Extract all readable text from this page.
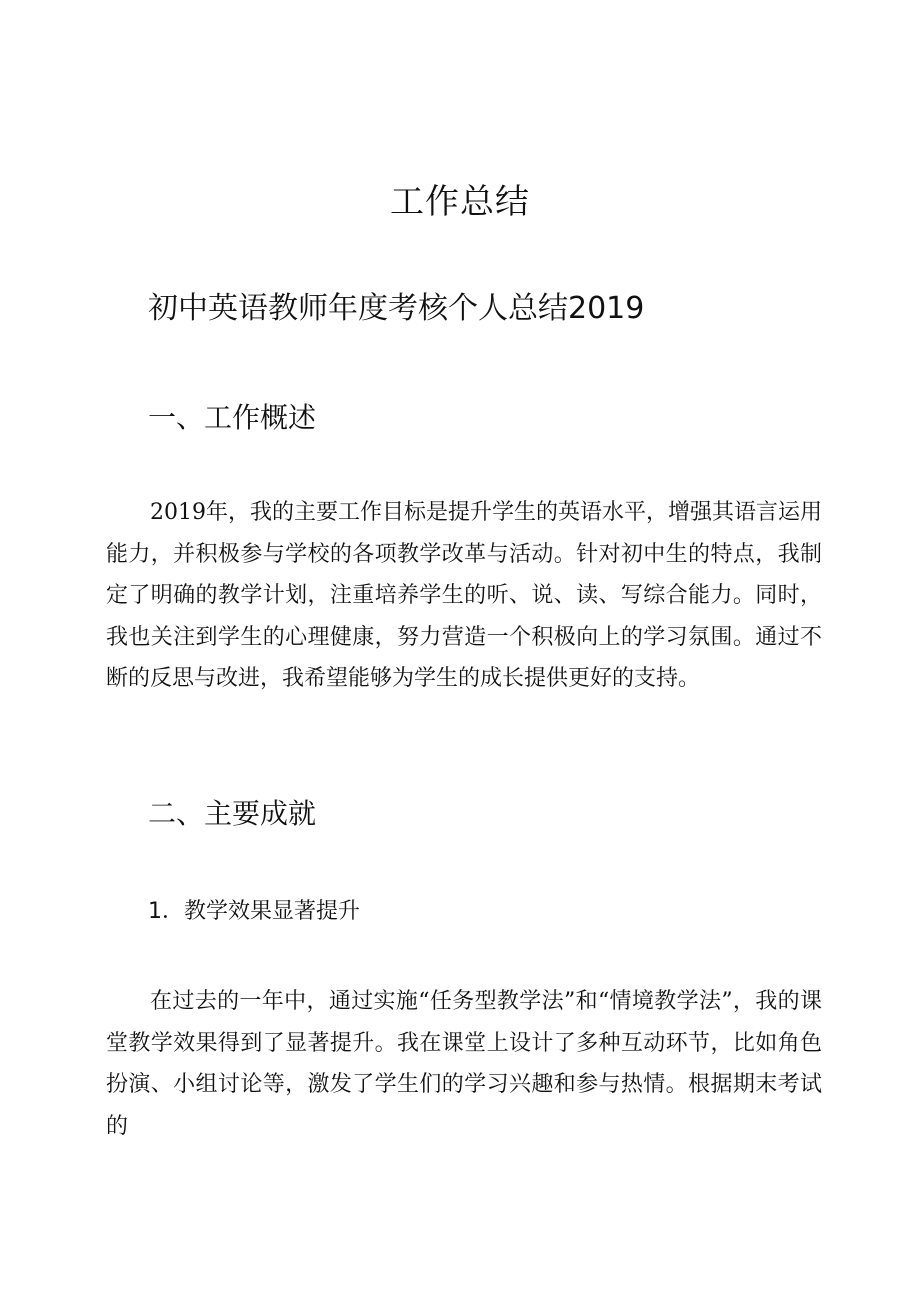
工作总结
初中英语教师年度考核个人总结2019
一、工作概述

2019年，我的主要工作目标是提升学生的英语水平，增强其语言运用能力，并积极参与学校的各项教学改革与活动。针对初中生的特点，我制定了明确的教学计划，注重培养学生的听、说、读、写综合能力。同时，我也关注到学生的心理健康，努力营造一个积极向上的学习氛围。通过不断的反思与改进，我希望能够为学生的成长提供更好的支持。

二、主要成就
1．教学效果显著提升

在过去的一年中，通过实施“任务型教学法”和“情境教学法”，我的课堂教学效果得到了显著提升。我在课堂上设计了多种互动环节，比如角色扮演、小组讨论等，激发了学生们的学习兴趣和参与热情。根据期末考试的
